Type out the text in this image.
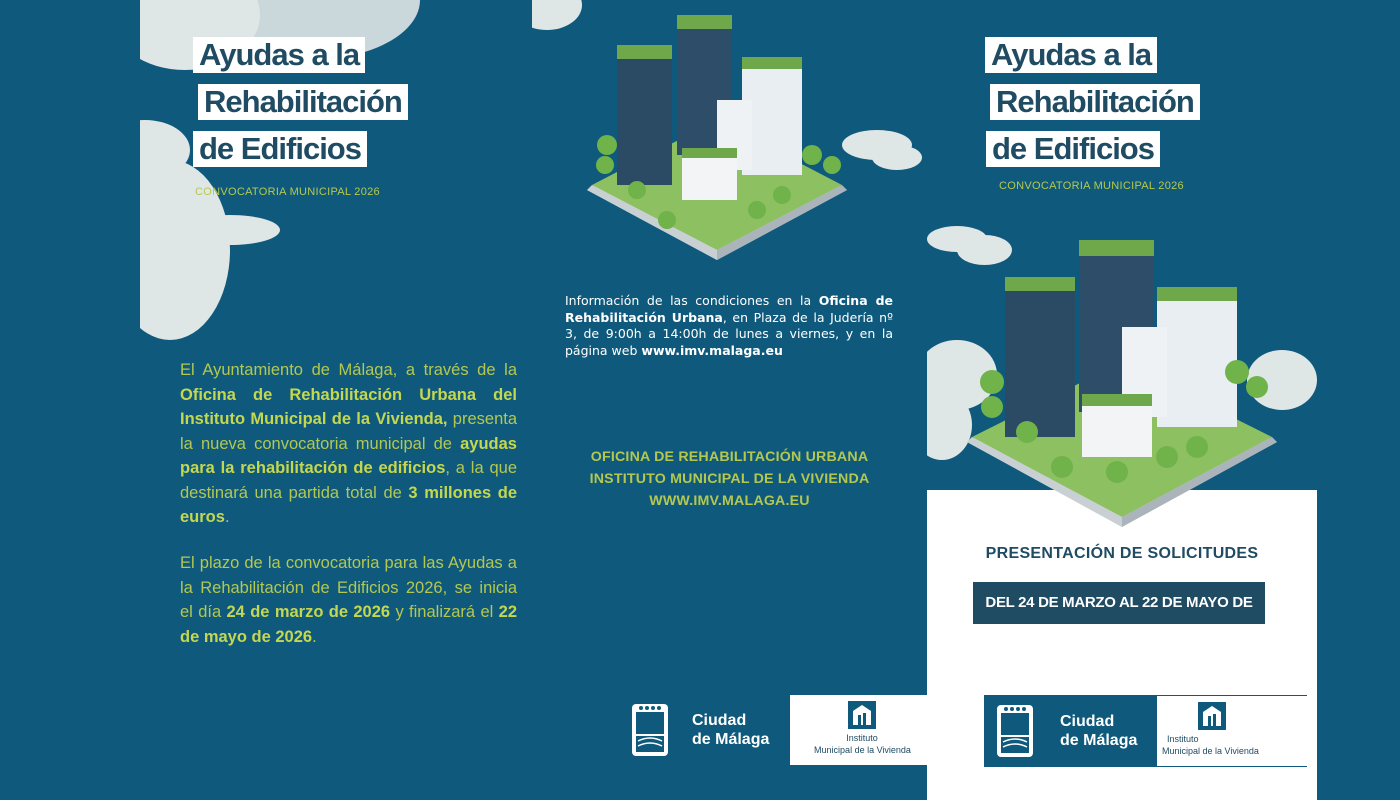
Ayudas a la
Rehabilitación
de Edificios
CONVOCATORIA MUNICIPAL 2026
El Ayuntamiento de Málaga, a través de la Oficina de Rehabilitación Urbana del Instituto Municipal de la Vivienda, presenta la nueva convocatoria municipal de ayudas para la rehabilitación de edificios, a la que destinará una partida total de 3 millones de euros.
El plazo de la convocatoria para las Ayudas a la Rehabilitación de Edificios 2026, se inicia el día 24 de marzo de 2026 y finalizará el 22 de mayo de 2026.
Información de las condiciones en la Oficina de Rehabilitación Urbana, en Plaza de la Judería nº 3, de 9:00h a 14:00h de lunes a viernes, y en la página web www.imv.malaga.eu
OFICINA DE REHABILITACIÓN URBANA
INSTITUTO MUNICIPAL DE LA VIVIENDA
WWW.IMV.MALAGA.EU
Ciudad
de Málaga	Instituto
Municipal de la Vivienda
Ayudas a la
Rehabilitación
de Edificios
CONVOCATORIA MUNICIPAL 2026
PRESENTACIÓN DE SOLICITUDES
DEL 24 DE MARZO AL 22 DE MAYO DE 2026
Ciudad
de Málaga	Instituto
Municipal de la Vivienda
